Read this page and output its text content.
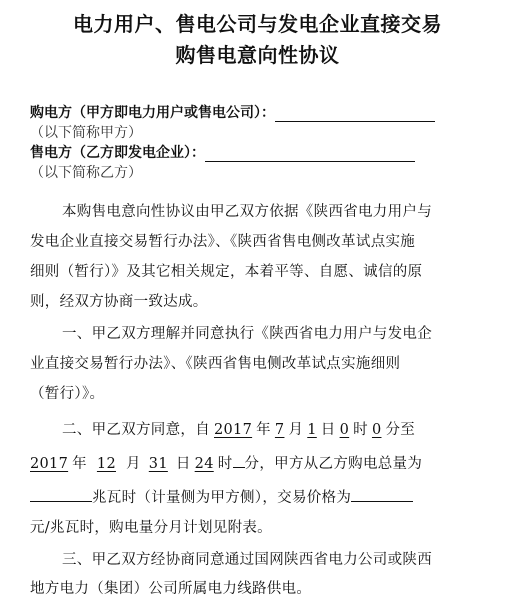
电力用户、售电公司与发电企业直接交易
购售电意向性协议
购电方（甲方即电力用户或售电公司）：
（以下简称甲方）
售电方（乙方即发电企业）：
（以下简称乙方）
本购售电意向性协议由甲乙双方依据《陕西省电力用户与
发电企业直接交易暂行办法》、《陕西省售电侧改革试点实施
细则（暂行）》及其它相关规定，本着平等、自愿、诚信的原
则，经双方协商一致达成。
一、甲乙双方理解并同意执行《陕西省电力用户与发电企
业直接交易暂行办法》、《陕西省售电侧改革试点实施细则
（暂行）》。
二、甲乙双方同意，自 2017 年 7 月 1 日 0 时 0 分至
2017 年 12 月 31 日 24 时 分，甲方从乙方购电总量为
兆瓦时（计量侧为甲方侧），交易价格为
元/兆瓦时，购电量分月计划见附表。
三、甲乙双方经协商同意通过国网陕西省电力公司或陕西
地方电力（集团）公司所属电力线路供电。
